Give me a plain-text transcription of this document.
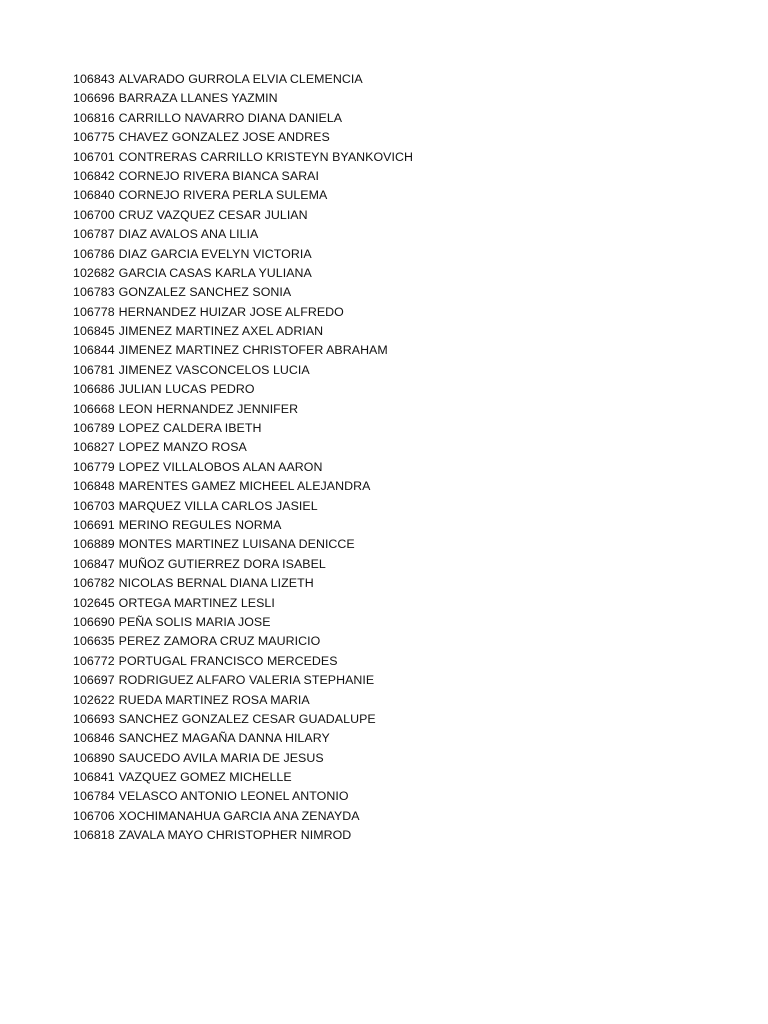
106843 ALVARADO GURROLA ELVIA CLEMENCIA
106696 BARRAZA LLANES YAZMIN
106816 CARRILLO NAVARRO DIANA DANIELA
106775 CHAVEZ GONZALEZ JOSE ANDRES
106701 CONTRERAS CARRILLO KRISTEYN BYANKOVICH
106842 CORNEJO RIVERA BIANCA SARAI
106840 CORNEJO RIVERA PERLA SULEMA
106700 CRUZ VAZQUEZ CESAR JULIAN
106787 DIAZ AVALOS ANA LILIA
106786 DIAZ GARCIA EVELYN VICTORIA
102682 GARCIA CASAS KARLA YULIANA
106783 GONZALEZ SANCHEZ SONIA
106778 HERNANDEZ HUIZAR JOSE ALFREDO
106845 JIMENEZ MARTINEZ AXEL ADRIAN
106844 JIMENEZ MARTINEZ CHRISTOFER ABRAHAM
106781 JIMENEZ VASCONCELOS LUCIA
106686 JULIAN LUCAS PEDRO
106668 LEON HERNANDEZ JENNIFER
106789 LOPEZ CALDERA IBETH
106827 LOPEZ MANZO ROSA
106779 LOPEZ VILLALOBOS ALAN AARON
106848 MARENTES GAMEZ MICHEEL ALEJANDRA
106703 MARQUEZ VILLA CARLOS JASIEL
106691 MERINO REGULES NORMA
106889 MONTES MARTINEZ LUISANA DENICCE
106847 MUÑOZ GUTIERREZ DORA ISABEL
106782 NICOLAS BERNAL DIANA LIZETH
102645 ORTEGA MARTINEZ LESLI
106690 PEÑA SOLIS MARIA JOSE
106635 PEREZ ZAMORA CRUZ MAURICIO
106772 PORTUGAL FRANCISCO MERCEDES
106697 RODRIGUEZ ALFARO VALERIA STEPHANIE
102622 RUEDA MARTINEZ ROSA MARIA
106693 SANCHEZ GONZALEZ CESAR GUADALUPE
106846 SANCHEZ MAGAÑA DANNA HILARY
106890 SAUCEDO AVILA MARIA DE JESUS
106841 VAZQUEZ GOMEZ MICHELLE
106784 VELASCO ANTONIO LEONEL ANTONIO
106706 XOCHIMANAHUA GARCIA ANA ZENAYDA
106818 ZAVALA MAYO CHRISTOPHER NIMROD
